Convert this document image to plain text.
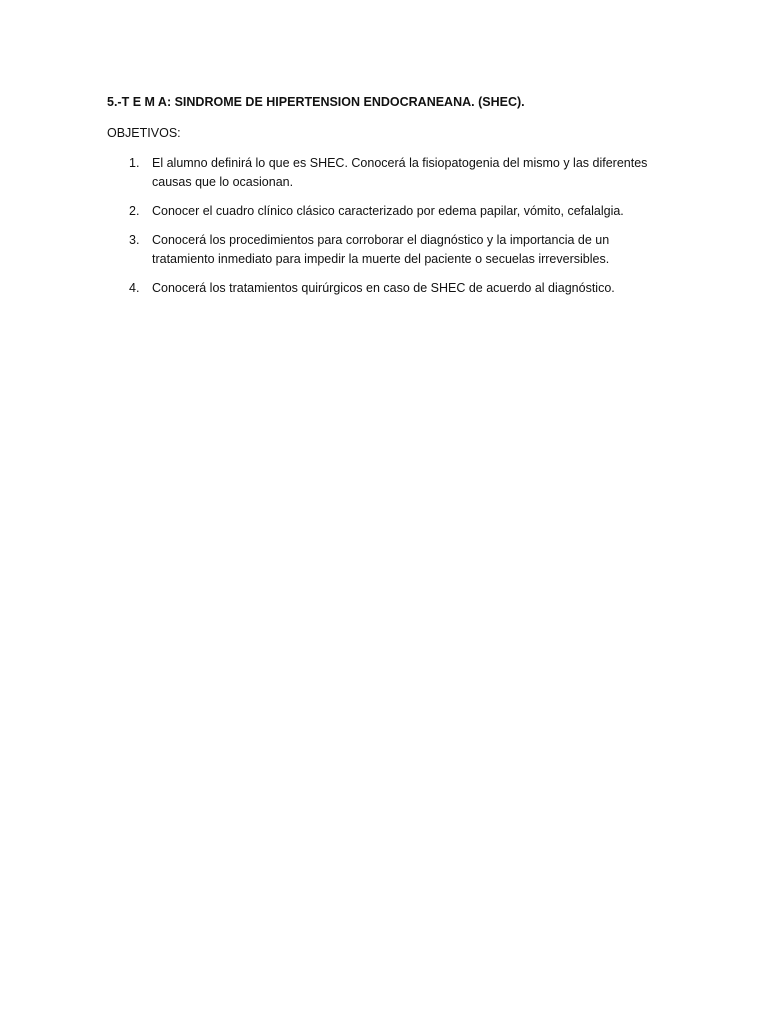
5.-T E M A: SINDROME DE HIPERTENSION ENDOCRANEANA. (SHEC).

OBJETIVOS:

1. El alumno definirá lo que es SHEC. Conocerá la fisiopatogenia del mismo y las diferentes causas que lo ocasionan.
2. Conocer el cuadro clínico clásico caracterizado por edema papilar, vómito, cefalalgia.
3. Conocerá los procedimientos para corroborar el diagnóstico y la importancia de un tratamiento inmediato para impedir la muerte del paciente o secuelas irreversibles.
4. Conocerá los tratamientos quirúrgicos en caso de SHEC de acuerdo al diagnóstico.
